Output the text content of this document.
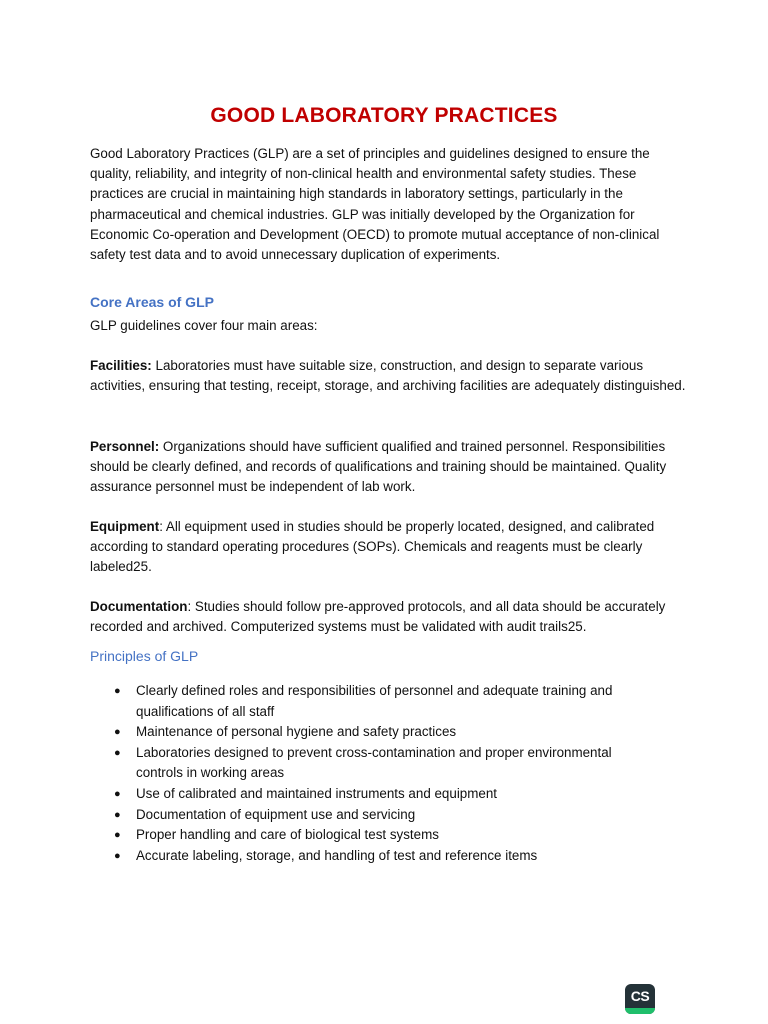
GOOD LABORATORY PRACTICES
Good Laboratory Practices (GLP) are a set of principles and guidelines designed to ensure the quality, reliability, and integrity of non-clinical health and environmental safety studies. These practices are crucial in maintaining high standards in laboratory settings, particularly in the pharmaceutical and chemical industries. GLP was initially developed by the Organization for Economic Co-operation and Development (OECD) to promote mutual acceptance of non-clinical safety test data and to avoid unnecessary duplication of experiments.
Core Areas of GLP
GLP guidelines cover four main areas:
Facilities: Laboratories must have suitable size, construction, and design to separate various activities, ensuring that testing, receipt, storage, and archiving facilities are adequately distinguished.
Personnel: Organizations should have sufficient qualified and trained personnel. Responsibilities should be clearly defined, and records of qualifications and training should be maintained. Quality assurance personnel must be independent of lab work.
Equipment: All equipment used in studies should be properly located, designed, and calibrated according to standard operating procedures (SOPs). Chemicals and reagents must be clearly labeled25.
Documentation: Studies should follow pre-approved protocols, and all data should be accurately recorded and archived. Computerized systems must be validated with audit trails25.
Principles of GLP
● Clearly defined roles and responsibilities of personnel and adequate training and qualifications of all staff
● Maintenance of personal hygiene and safety practices
● Laboratories designed to prevent cross-contamination and proper environmental controls in working areas
● Use of calibrated and maintained instruments and equipment
● Documentation of equipment use and servicing
● Proper handling and care of biological test systems
● Accurate labeling, storage, and handling of test and reference items
CS
